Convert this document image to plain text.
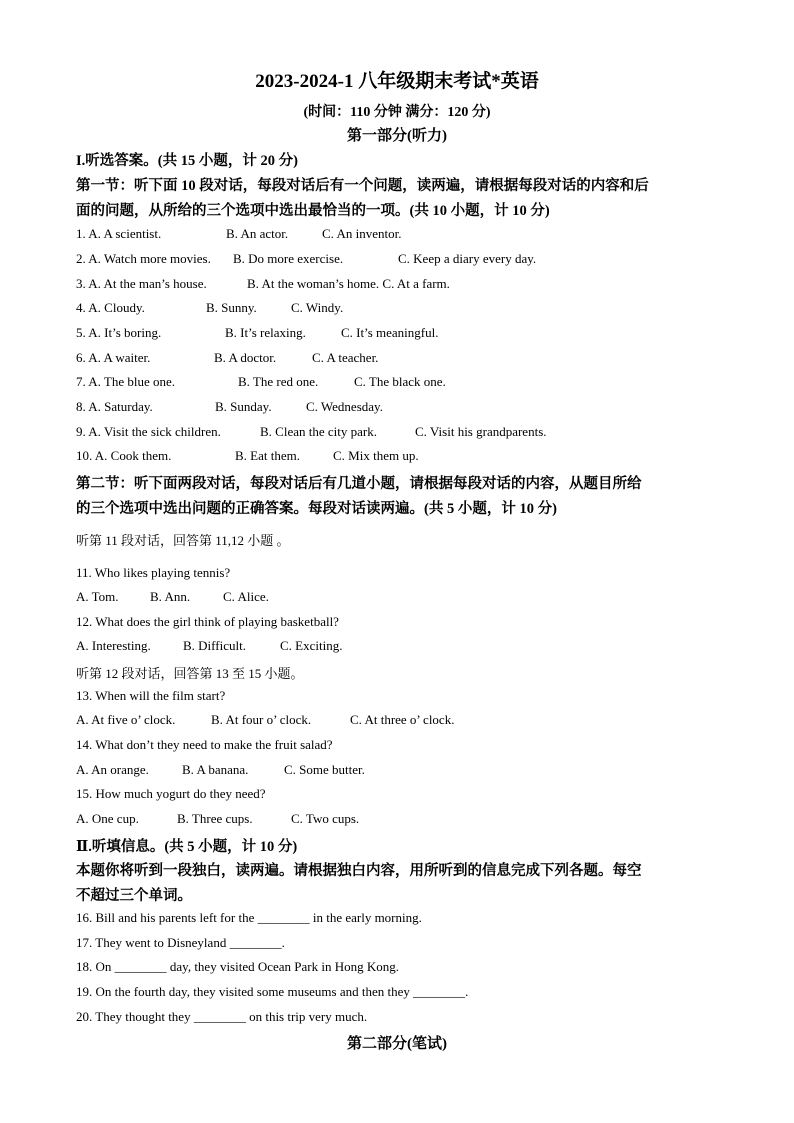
2023-2024-1 八年级期末考试*英语
(时间：110 分钟 满分：120 分)
第一部分(听力)
I.听选答案。(共 15 小题，计 20 分)
第一节：听下面 10 段对话，每段对话后有一个问题，读两遍，请根据每段对话的内容和后
面的问题，从所给的三个选项中选出最恰当的一项。(共 10 小题，计 10 分)
1. A. A scientist.	B. An actor.	C. An inventor.
2. A. Watch more movies. B. Do more exercise.	C. Keep a diary every day.
3. A. At the man’s house.	B. At the woman’s home. C. At a farm.
4. A. Cloudy.	B. Sunny.	C. Windy.
5. A. It’s boring.	B. It’s relaxing.	C. It’s meaningful.
6. A. A waiter.	B. A doctor.	C. A teacher.
7. A. The blue one.	B. The red one.	C. The black one.
8. A. Saturday.	B. Sunday.	C. Wednesday.
9. A. Visit the sick children.	B. Clean the city park.	C. Visit his grandparents.
10. A. Cook them.	B. Eat them.	C. Mix them up.
第二节：听下面两段对话，每段对话后有几道小题，请根据每段对话的内容，从题目所给
的三个选项中选出问题的正确答案。每段对话读两遍。(共 5 小题，计 10 分)
听第 11 段对话，回答第 11,12 小题 。
11. Who likes playing tennis?
A. Tom. B. Ann.	C. Alice.
12. What does the girl think of playing basketball?
A. Interesting. B. Difficult.	C. Exciting.
听第 12 段对话，回答第 13 至 15 小题。
13. When will the film start?
A. At five o’ clock.	B. At four o’ clock.	C. At three o’ clock.
14. What don’t they need to make the fruit salad?
A. An orange.	B. A banana.	C. Some butter.
15. How much yogurt do they need?
A. One cup.	B. Three cups.	C. Two cups.
Ⅱ.听填信息。(共 5 小题，计 10 分)
本题你将听到一段独白，读两遍。请根据独白内容，用所听到的信息完成下列各题。每空
不超过三个单词。
16. Bill and his parents left for the ________ in the early morning.
17. They went to Disneyland ________.
18. On ________ day, they visited Ocean Park in Hong Kong.
19. On the fourth day, they visited some museums and then they ________.
20. They thought they ________ on this trip very much.
第二部分(笔试)
